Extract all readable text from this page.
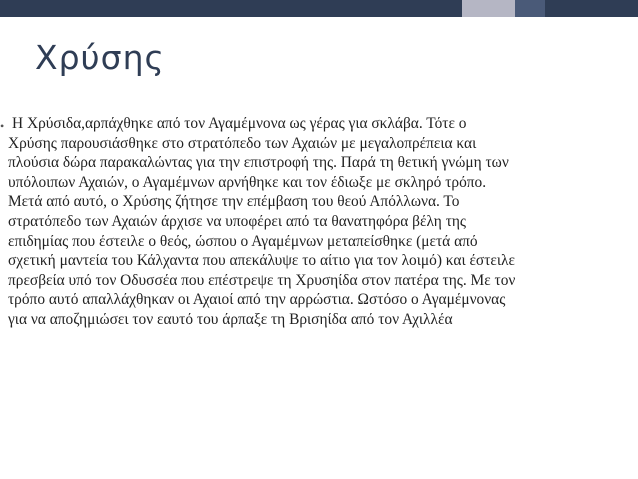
Χρύσης
• Η Χρύσιδα,αρπάχθηκε από τον Αγαμέμνονα ως γέρας για σκλάβα. Τότε ο
Χρύσης παρουσιάσθηκε στο στρατόπεδο των Αχαιών με μεγαλοπρέπεια και
πλούσια δώρα παρακαλώντας για την επιστροφή της. Παρά τη θετική γνώμη των
υπόλοιπων Αχαιών, ο Αγαμέμνων αρνήθηκε και τον έδιωξε με σκληρό τρόπο.
Μετά από αυτό, ο Χρύσης ζήτησε την επέμβαση του θεού Απόλλωνα. Το
στρατόπεδο των Αχαιών άρχισε να υποφέρει από τα θανατηφόρα βέλη της
επιδημίας που έστειλε ο θεός, ώσπου ο Αγαμέμνων μεταπείσθηκε (μετά από
σχετική μαντεία του Κάλχαντα που απεκάλυψε το αίτιο για τον λοιμό) και έστειλε
πρεσβεία υπό τον Οδυσσέα που επέστρεψε τη Χρυσηίδα στον πατέρα της. Με τον
τρόπο αυτό απαλλάχθηκαν οι Αχαιοί από την αρρώστια. Ωστόσο ο Αγαμέμνονας
για να αποζημιώσει τον εαυτό του άρπαξε τη Βρισηίδα από τον Αχιλλέα
